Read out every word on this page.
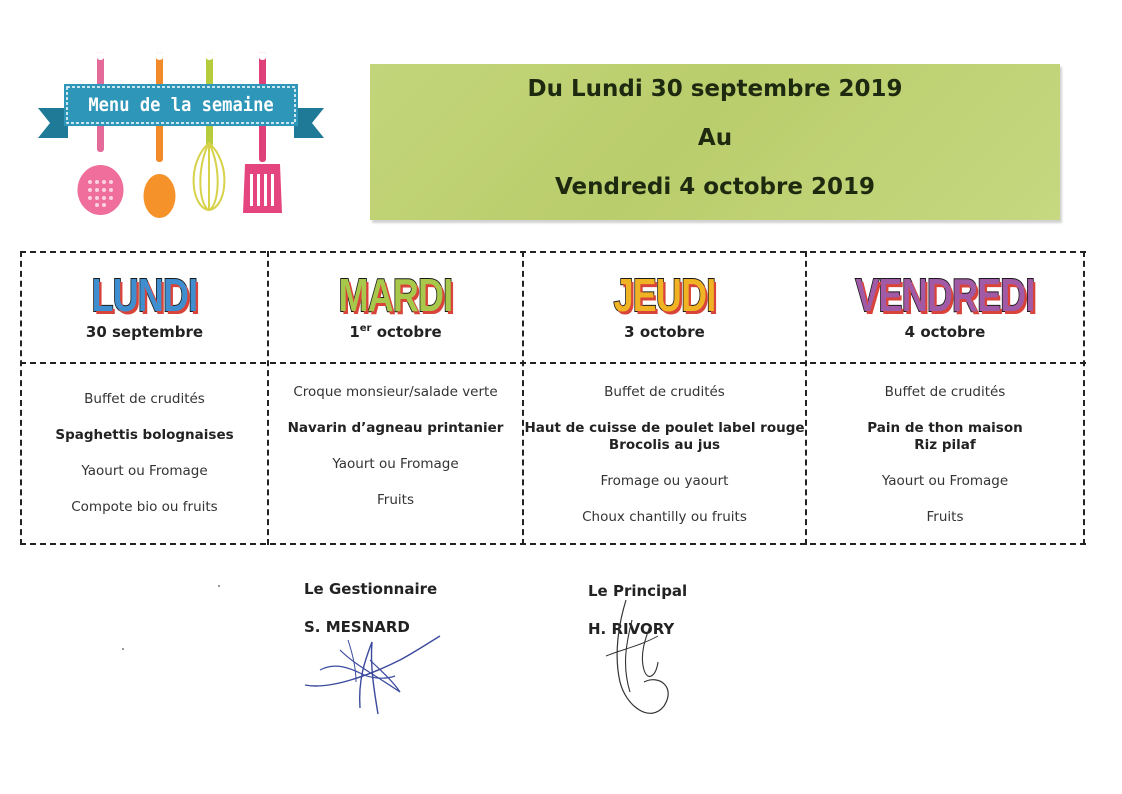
Menu de la semaine
Du Lundi 30 septembre 2019
Au
Vendredi 4 octobre 2019
LUNDI
30 septembre
Buffet de crudités
Spaghettis bolognaises
Yaourt ou Fromage
Compote bio ou fruits
MARDI
1er octobre
Croque monsieur/salade verte
Navarin d’agneau printanier
Yaourt ou Fromage
Fruits
JEUDI
3 octobre
Buffet de crudités
Haut de cuisse de poulet label rouge
Brocolis au jus
Fromage ou yaourt
Choux chantilly ou fruits
VENDREDI
4 octobre
Buffet de crudités
Pain de thon maison
Riz pilaf
Yaourt ou Fromage
Fruits
Le Gestionnaire
S. MESNARD
Le Principal
H. RIVORY
